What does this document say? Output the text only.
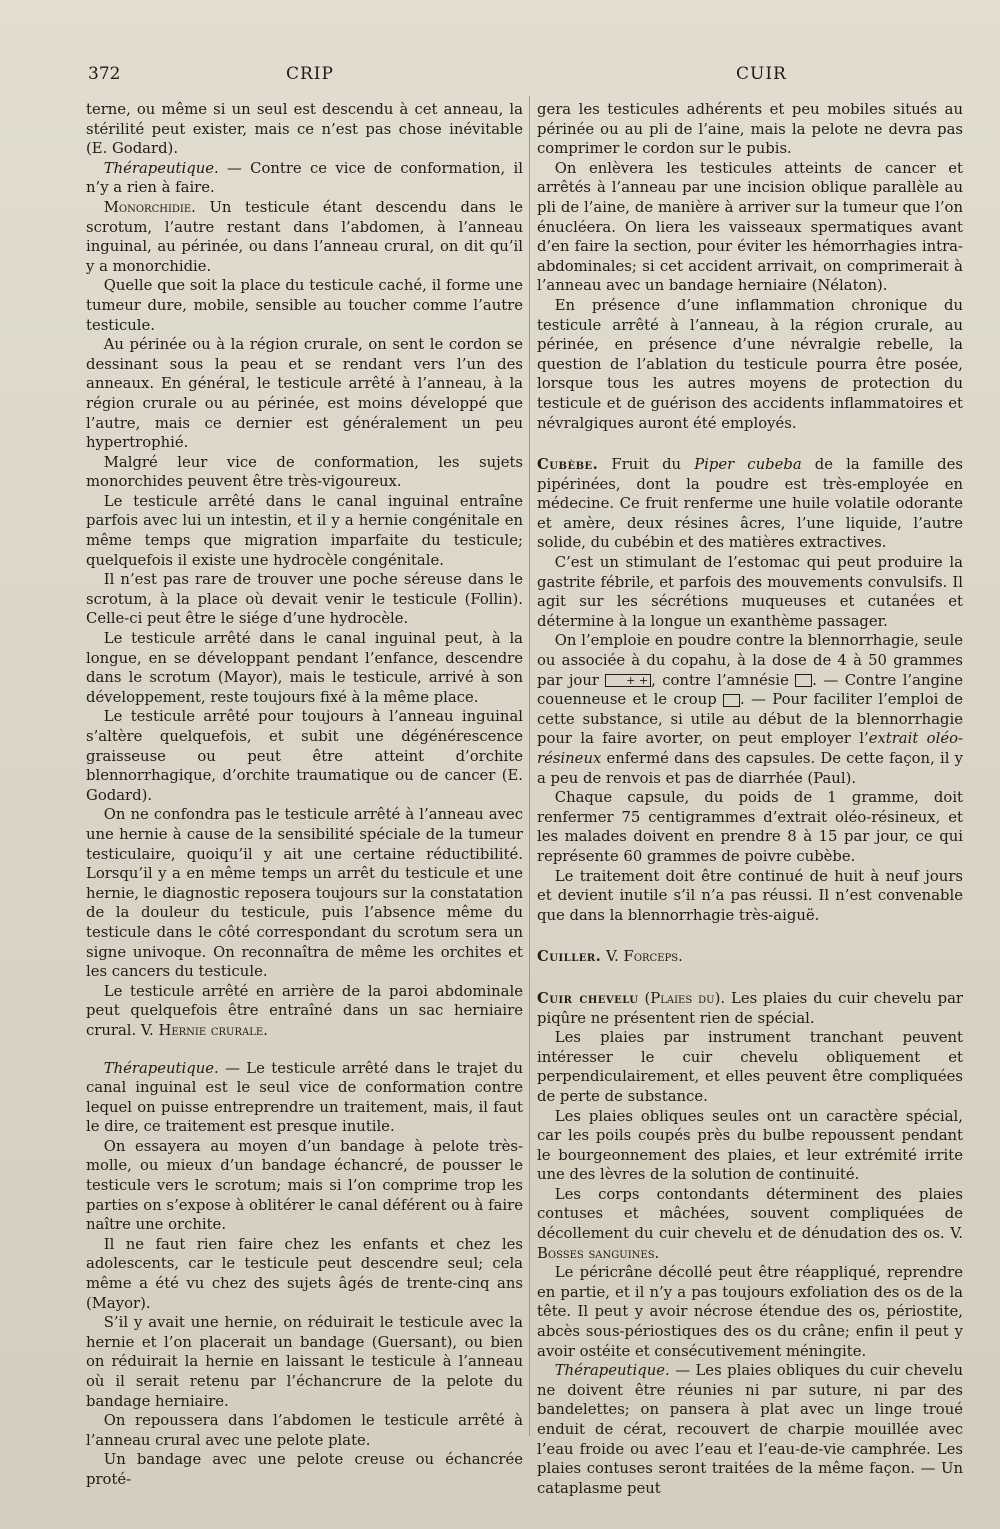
372	CRIP	CUIR

terne, ou même si un seul est descendu à cet anneau, la stérilité peut exister, mais ce n’est pas chose inévitable (E. Godard).

Thérapeutique. — Contre ce vice de conformation, il n’y a rien à faire.

Monorchidie. Un testicule étant descendu dans le scrotum, l’autre restant dans l’abdomen, à l’anneau inguinal, au périnée, ou dans l’anneau crural, on dit qu’il y a monorchidie.

Quelle que soit la place du testicule caché, il forme une tumeur dure, mobile, sensible au toucher comme l’autre testicule.

Au périnée ou à la région crurale, on sent le cordon se dessinant sous la peau et se rendant vers l’un des anneaux. En général, le testicule arrêté à l’anneau, à la région crurale ou au périnée, est moins développé que l’autre, mais ce dernier est généralement un peu hypertrophié.

Malgré leur vice de conformation, les sujets monorchides peuvent être très-vigoureux.

Le testicule arrêté dans le canal inguinal entraîne parfois avec lui un intestin, et il y a hernie congénitale en même temps que migration imparfaite du testicule; quelquefois il existe une hydrocèle congénitale.

Il n’est pas rare de trouver une poche séreuse dans le scrotum, à la place où devait venir le testicule (Follin). Celle-ci peut être le siége d’une hydrocèle.

Le testicule arrêté dans le canal inguinal peut, à la longue, en se développant pendant l’enfance, descendre dans le scrotum (Mayor), mais le testicule, arrivé à son développement, reste toujours fixé à la même place.

Le testicule arrêté pour toujours à l’anneau inguinal s’altère quelquefois, et subit une dégénérescence graisseuse ou peut être atteint d’orchite blennorrhagique, d’orchite traumatique ou de cancer (E. Godard).

On ne confondra pas le testicule arrêté à l’anneau avec une hernie à cause de la sensibilité spéciale de la tumeur testiculaire, quoiqu’il y ait une certaine réductibilité. Lorsqu’il y a en même temps un arrêt du testicule et une hernie, le diagnostic reposera toujours sur la constatation de la douleur du testicule, puis l’absence même du testicule dans le côté correspondant du scrotum sera un signe univoque. On reconnaîtra de même les orchites et les cancers du testicule.

Le testicule arrêté en arrière de la paroi abdominale peut quelquefois être entraîné dans un sac herniaire crural. V. Hernie crurale.

Thérapeutique. — Le testicule arrêté dans le trajet du canal inguinal est le seul vice de conformation contre lequel on puisse entreprendre un traitement, mais, il faut le dire, ce traitement est presque inutile.

On essayera au moyen d’un bandage à pelote très-molle, ou mieux d’un bandage échancré, de pousser le testicule vers le scrotum; mais si l’on comprime trop les parties on s’expose à oblitérer le canal déférent ou à faire naître une orchite.

Il ne faut rien faire chez les enfants et chez les adolescents, car le testicule peut descendre seul; cela même a été vu chez des sujets âgés de trente-cinq ans (Mayor).

S’il y avait une hernie, on réduirait le testicule avec la hernie et l’on placerait un bandage (Guersant), ou bien on réduirait la hernie en laissant le testicule à l’anneau où il serait retenu par l’échancrure de la pelote du bandage herniaire.

On repoussera dans l’abdomen le testicule arrêté à l’anneau crural avec une pelote plate.

Un bandage avec une pelote creuse ou échancrée proté-

gera les testicules adhérents et peu mobiles situés au périnée ou au pli de l’aine, mais la pelote ne devra pas comprimer le cordon sur le pubis.

On enlèvera les testicules atteints de cancer et arrêtés à l’anneau par une incision oblique parallèle au pli de l’aine, de manière à arriver sur la tumeur que l’on énucléera. On liera les vaisseaux spermatiques avant d’en faire la section, pour éviter les hémorrhagies intra-abdominales; si cet accident arrivait, on comprimerait à l’anneau avec un bandage herniaire (Nélaton).

En présence d’une inflammation chronique du testicule arrêté à l’anneau, à la région crurale, au périnée, en présence d’une névralgie rebelle, la question de l’ablation du testicule pourra être posée, lorsque tous les autres moyens de protection du testicule et de guérison des accidents inflammatoires et névralgiques auront été employés.

Cubèbe. Fruit du Piper cubeba de la famille des pipérinées, dont la poudre est très-employée en médecine. Ce fruit renferme une huile volatile odorante et amère, deux résines âcres, l’une liquide, l’autre solide, du cubébin et des matières extractives.

C’est un stimulant de l’estomac qui peut produire la gastrite fébrile, et parfois des mouvements convulsifs. Il agit sur les sécrétions muqueuses et cutanées et détermine à la longue un exanthème passager.

On l’emploie en poudre contre la blennorrhagie, seule ou associée à du copahu, à la dose de 4 à 50 grammes par jour + + , contre l’amnésie . — Contre l’angine couenneuse et le croup . — Pour faciliter l’emploi de cette substance, si utile au début de la blennorrhagie pour la faire avorter, on peut employer l’extrait oléo-résineux enfermé dans des capsules. De cette façon, il y a peu de renvois et pas de diarrhée (Paul).

Chaque capsule, du poids de 1 gramme, doit renfermer 75 centigrammes d’extrait oléo-résineux, et les malades doivent en prendre 8 à 15 par jour, ce qui représente 60 grammes de poivre cubèbe.

Le traitement doit être continué de huit à neuf jours et devient inutile s’il n’a pas réussi. Il n’est convenable que dans la blennorrhagie très-aiguë.

Cuiller. V. Forceps.

Cuir chevelu (Plaies du). Les plaies du cuir chevelu par piqûre ne présentent rien de spécial.

Les plaies par instrument tranchant peuvent intéresser le cuir chevelu obliquement et perpendiculairement, et elles peuvent être compliquées de perte de substance.

Les plaies obliques seules ont un caractère spécial, car les poils coupés près du bulbe repoussent pendant le bourgeonnement des plaies, et leur extrémité irrite une des lèvres de la solution de continuité.

Les corps contondants déterminent des plaies contuses et mâchées, souvent compliquées de décollement du cuir chevelu et de dénudation des os. V. Bosses sanguines.

Le péricrâne décollé peut être réappliqué, reprendre en partie, et il n’y a pas toujours exfoliation des os de la tête. Il peut y avoir nécrose étendue des os, périostite, abcès sous-périostiques des os du crâne; enfin il peut y avoir ostéite et consécutivement méningite.

Thérapeutique. — Les plaies obliques du cuir chevelu ne doivent être réunies ni par suture, ni par des bandelettes; on pansera à plat avec un linge troué enduit de cérat, recouvert de charpie mouillée avec l’eau froide ou avec l’eau et l’eau-de-vie camphrée. Les plaies contuses seront traitées de la même façon. — Un cataplasme peut
